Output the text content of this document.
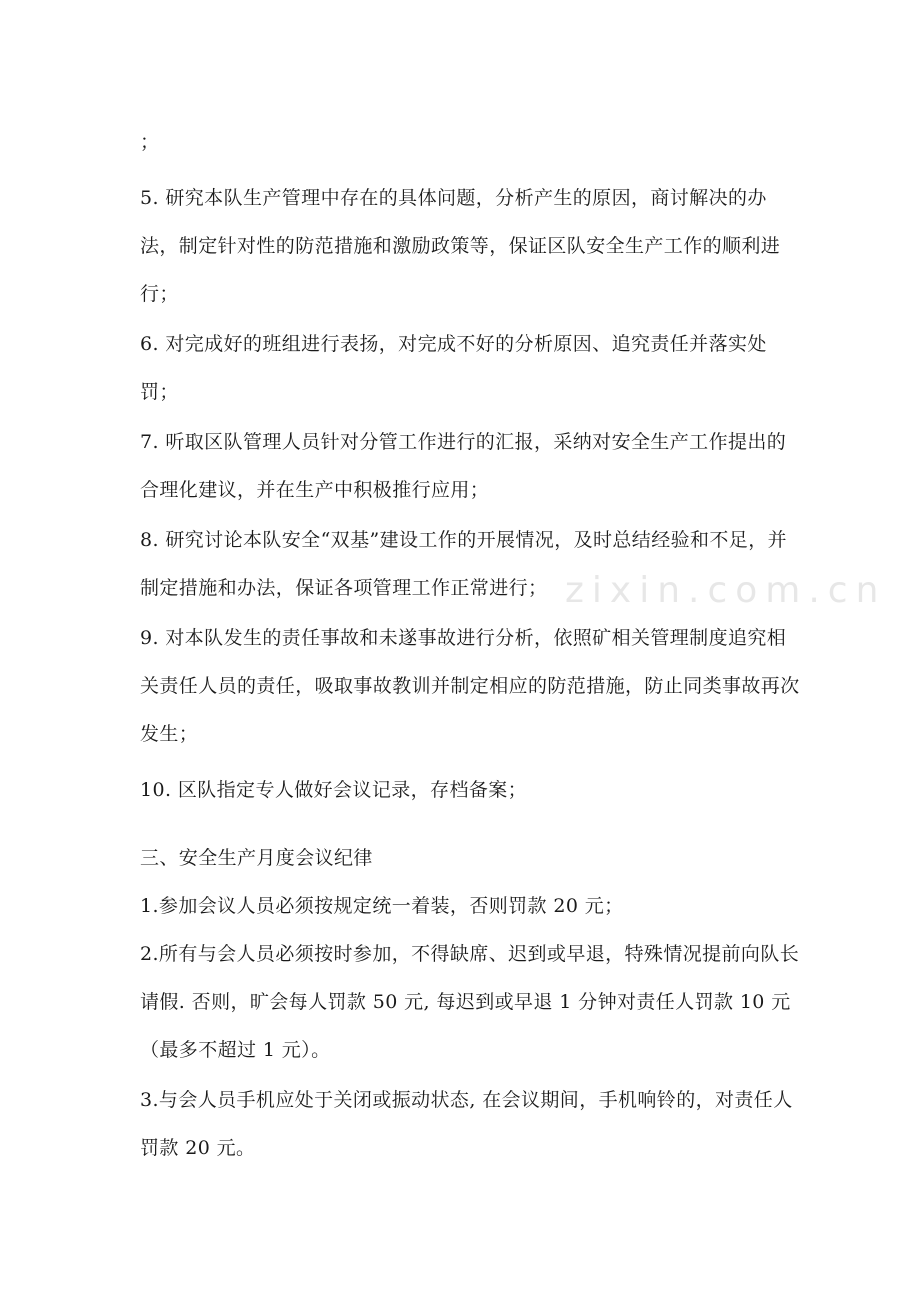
；

5. 研究本队生产管理中存在的具体问题，分析产生的原因，商讨解决的办法，制定针对性的防范措施和激励政策等，保证区队安全生产工作的顺利进行；

6. 对完成好的班组进行表扬，对完成不好的分析原因、追究责任并落实处罚；

7. 听取区队管理人员针对分管工作进行的汇报，采纳对安全生产工作提出的合理化建议，并在生产中积极推行应用；

8. 研究讨论本队安全“双基”建设工作的开展情况，及时总结经验和不足，并制定措施和办法，保证各项管理工作正常进行；

9. 对本队发生的责任事故和未遂事故进行分析，依照矿相关管理制度追究相关责任人员的责任，吸取事故教训并制定相应的防范措施，防止同类事故再次发生；

10. 区队指定专人做好会议记录，存档备案；

三、安全生产月度会议纪律

1.参加会议人员必须按规定统一着装，否则罚款 20 元；

2.所有与会人员必须按时参加，不得缺席、迟到或早退，特殊情况提前向队长请假. 否则，旷会每人罚款 50 元, 每迟到或早退 1 分钟对责任人罚款 10 元（最多不超过 1 元）。

3.与会人员手机应处于关闭或振动状态, 在会议期间，手机响铃的，对责任人罚款 20 元。

zixin.com.cn
